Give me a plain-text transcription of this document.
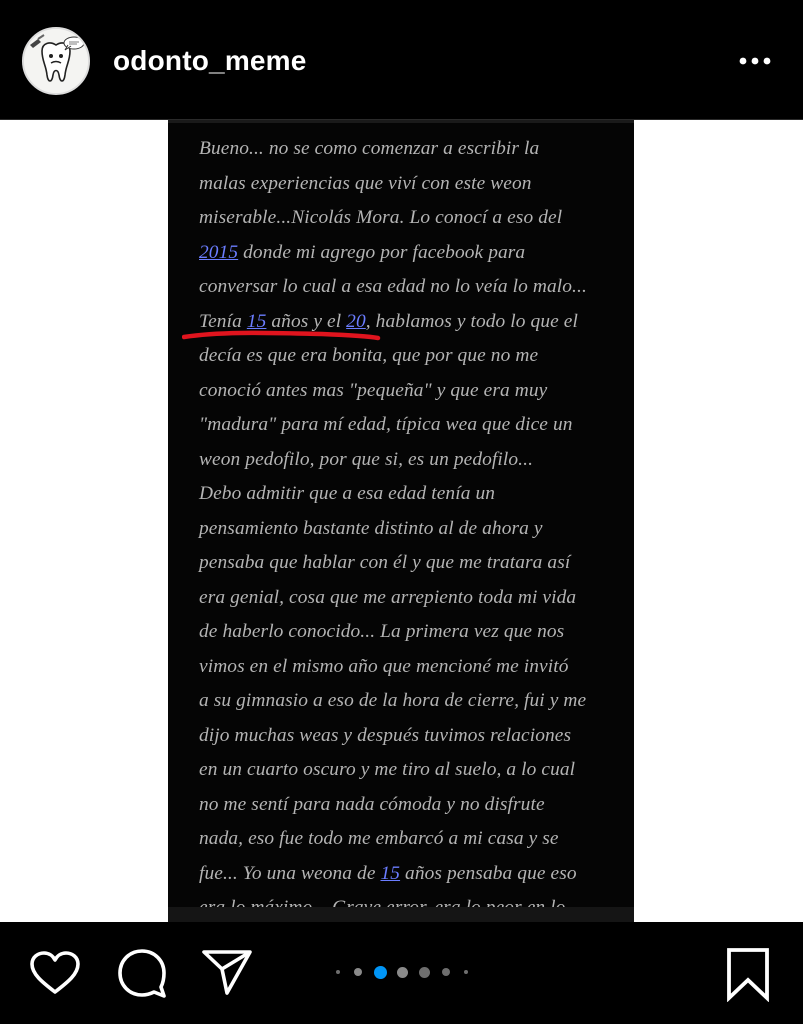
odonto_meme
Bueno... no se como comenzar a escribir la
malas experiencias que viví con este weon
miserable...Nicolás Mora. Lo conocí a eso del
2015 donde mi agrego por facebook para
conversar lo cual a esa edad no lo veía lo malo...
Tenía 15 años y el 20, hablamos y todo lo que el
decía es que era bonita, que por que no me
conoció antes mas "pequeña" y que era muy
"madura" para mí edad, típica wea que dice un
weon pedofilo, por que si, es un pedofilo...
Debo admitir que a esa edad tenía un
pensamiento bastante distinto al de ahora y
pensaba que hablar con él y que me tratara así
era genial, cosa que me arrepiento toda mi vida
de haberlo conocido... La primera vez que nos
vimos en el mismo año que mencioné me invitó
a su gimnasio a eso de la hora de cierre, fui y me
dijo muchas weas y después tuvimos relaciones
en un cuarto oscuro y me tiro al suelo, a lo cual
no me sentí para nada cómoda y no disfrute
nada, eso fue todo me embarcó a mi casa y se
fue... Yo una weona de 15 años pensaba que eso
